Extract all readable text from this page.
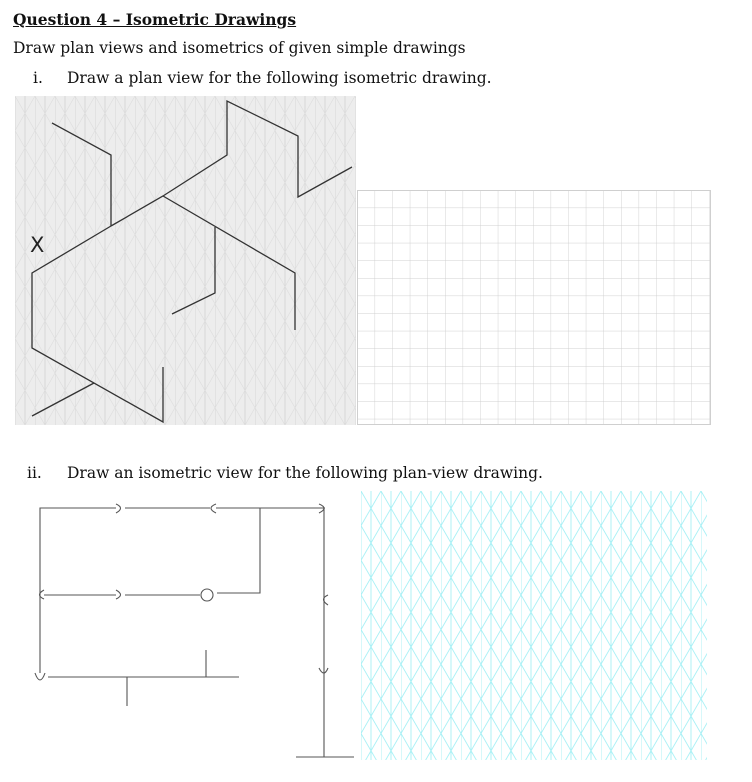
Question 4 – Isometric Drawings
Draw plan views and isometrics of given simple drawings
i. Draw a plan view for the following isometric drawing.
X
ii. Draw an isometric view for the following plan-view drawing.
